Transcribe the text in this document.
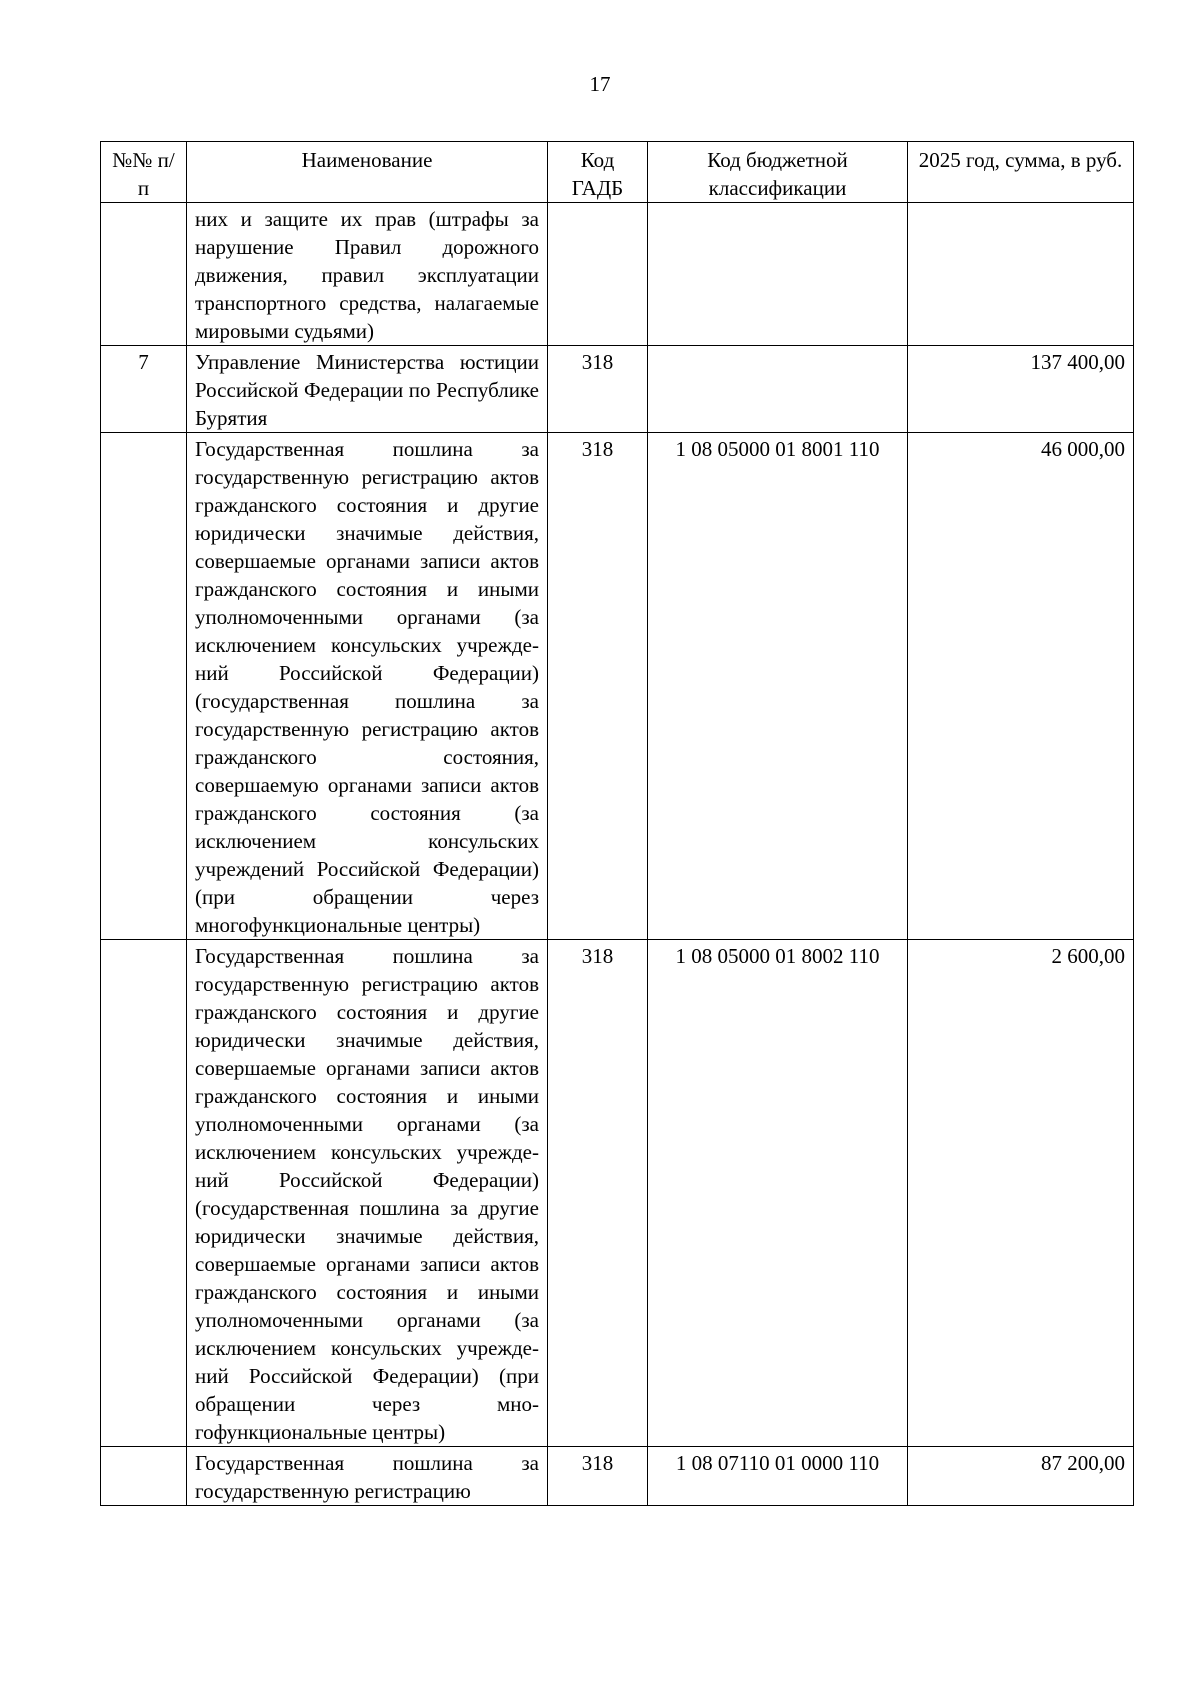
17
№№ п/п	Наименование	Код ГАДБ	Код бюджетной классификации	2025 год, сумма, в руб.
	них и защите их прав (штрафы за нарушение Правил дорожного движения, правил эксплуатации транспортного средства, налагаемые мировыми судьями)			
7	Управление Министерства юстиции Российской Федерации по Республике Бурятия	318		137 400,00
	Государственная пошлина за государственную регистрацию актов гражданского состояния и другие юридически значимые действия, совершаемые органами записи актов гражданского состояния и иными уполномоченными органами (за исключением консульских учреждений Российской Федерации) (государственная пошлина за государственную регистрацию актов гражданского состояния, совершаемую органами записи актов гражданского состояния (за исключением консульских учреждений Российской Федерации) (при обращении через многофункциональные центры)	318	1 08 05000 01 8001 110	46 000,00
	Государственная пошлина за государственную регистрацию актов гражданского состояния и другие юридически значимые действия, совершаемые органами записи актов гражданского состояния и иными уполномоченными органами (за исключением консульских учреждений Российской Федерации) (государственная пошлина за другие юридически значимые действия, совершаемые органами записи актов гражданского состояния и иными уполномоченными органами (за исключением консульских учреждений Российской Федерации) (при обращении через многофункциональные центры)	318	1 08 05000 01 8002 110	2 600,00
	Государственная пошлина за государственную регистрацию	318	1 08 07110 01 0000 110	87 200,00
